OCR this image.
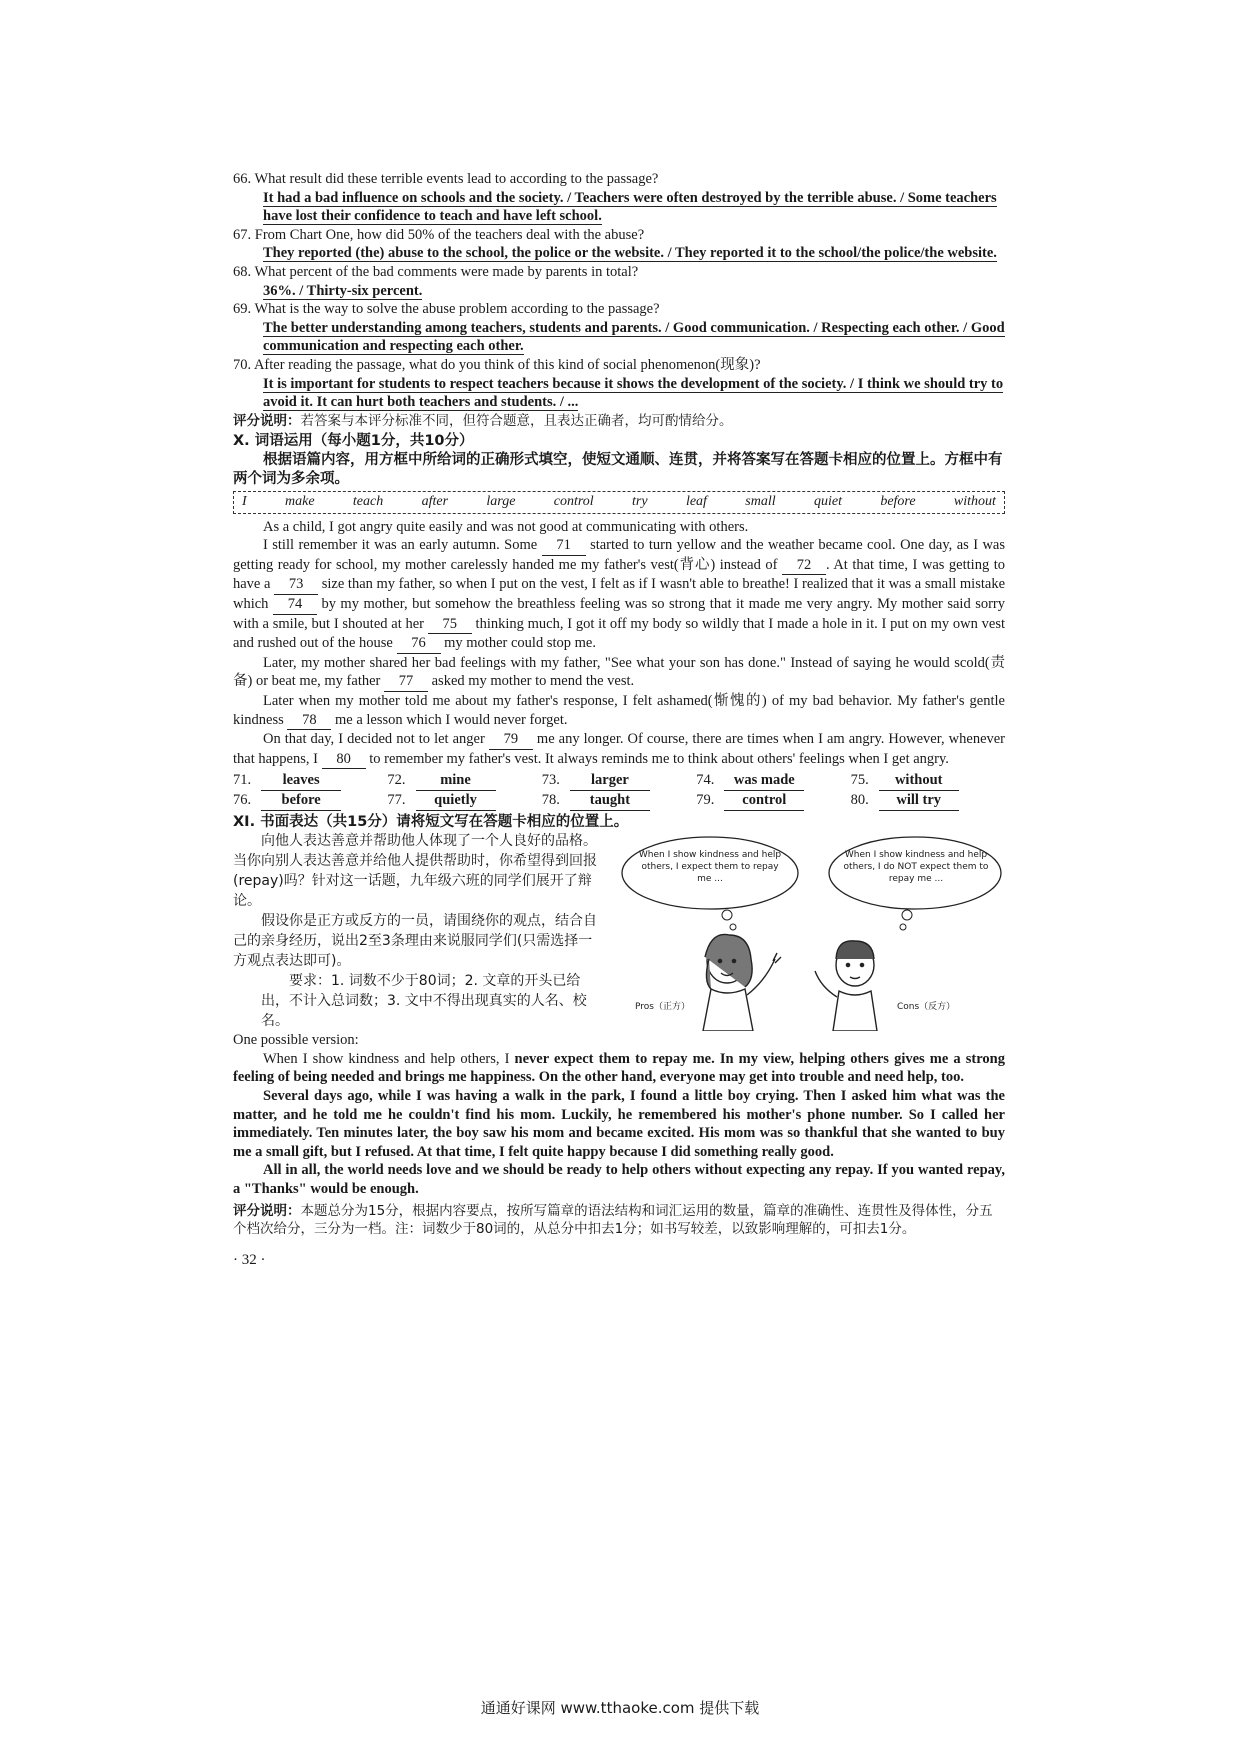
66. What result did these terrible events lead to according to the passage?

It had a bad influence on schools and the society. / Teachers were often destroyed by the terrible abuse. / Some teachers have lost their confidence to teach and have left school.

67. From Chart One, how did 50% of the teachers deal with the abuse?

They reported (the) abuse to the school, the police or the website. / They reported it to the school/the police/the website.

68. What percent of the bad comments were made by parents in total?

36%. / Thirty-six percent.

69. What is the way to solve the abuse problem according to the passage?

The better understanding among teachers, students and parents. / Good communication. / Respecting each other. / Good communication and respecting each other.

70. After reading the passage, what do you think of this kind of social phenomenon(现象)?

It is important for students to respect teachers because it shows the development of the society. / I think we should try to avoid it. It can hurt both teachers and students. / ...

评分说明：若答案与本评分标准不同，但符合题意，且表达正确者，均可酌情给分。

X. 词语运用（每小题1分，共10分）

根据语篇内容，用方框中所给词的正确形式填空，使短文通顺、连贯，并将答案写在答题卡相应的位置上。方框中有两个词为多余项。

I	make	teach	after	large	control	try	leaf	small	quiet	before	without

As a child, I got angry quite easily and was not good at communicating with others.

I still remember it was an early autumn. Some 71 started to turn yellow and the weather became cool. One day, as I was getting ready for school, my mother carelessly handed me my father's vest(背心) instead of 72 . At that time, I was getting to have a 73 size than my father, so when I put on the vest, I felt as if I wasn't able to breathe! I realized that it was a small mistake which 74 by my mother, but somehow the breathless feeling was so strong that it made me very angry. My mother said sorry with a smile, but I shouted at her 75 thinking much, I got it off my body so wildly that I made a hole in it. I put on my own vest and rushed out of the house 76 my mother could stop me.

Later, my mother shared her bad feelings with my father, "See what your son has done." Instead of saying he would scold(责备) or beat me, my father 77 asked my mother to mend the vest.

Later when my mother told me about my father's response, I felt ashamed(惭愧的) of my bad behavior. My father's gentle kindness 78 me a lesson which I would never forget.

On that day, I decided not to let anger 79 me any longer. Of course, there are times when I am angry. However, whenever that happens, I 80 to remember my father's vest. It always reminds me to think about others' feelings when I get angry.

71.	leaves	72.	mine	73.	larger	74.	was made	75.	without
76.	before	77.	quietly	78.	taught	79.	control	80.	will try

XI. 书面表达（共15分）请将短文写在答题卡相应的位置上。

向他人表达善意并帮助他人体现了一个人良好的品格。当你向别人表达善意并给他人提供帮助时，你希望得到回报(repay)吗？针对这一话题，九年级六班的同学们展开了辩论。

假设你是正方或反方的一员，请围绕你的观点，结合自己的亲身经历，说出2至3条理由来说服同学们(只需选择一方观点表达即可)。

要求：1. 词数不少于80词；2. 文章的开头已给出，不计入总词数；3. 文中不得出现真实的人名、校名。

When I show kindness and help others, I expect them to repay me ...
When I show kindness and help others, I do NOT expect them to repay me ...
Pros（正方）	Cons（反方）

One possible version:

When I show kindness and help others, I never expect them to repay me. In my view, helping others gives me a strong feeling of being needed and brings me happiness. On the other hand, everyone may get into trouble and need help, too.

Several days ago, while I was having a walk in the park, I found a little boy crying. Then I asked him what was the matter, and he told me he couldn't find his mom. Luckily, he remembered his mother's phone number. So I called her immediately. Ten minutes later, the boy saw his mom and became excited. His mom was so thankful that she wanted to buy me a small gift, but I refused. At that time, I felt quite happy because I did something really good.

All in all, the world needs love and we should be ready to help others without expecting any repay. If you wanted repay, a "Thanks" would be enough.

评分说明：本题总分为15分，根据内容要点，按所写篇章的语法结构和词汇运用的数量，篇章的准确性、连贯性及得体性，分五个档次给分，三分为一档。注：词数少于80词的，从总分中扣去1分；如书写较差，以致影响理解的，可扣去1分。

· 32 ·
通通好课网 www.tthaoke.com 提供下载
